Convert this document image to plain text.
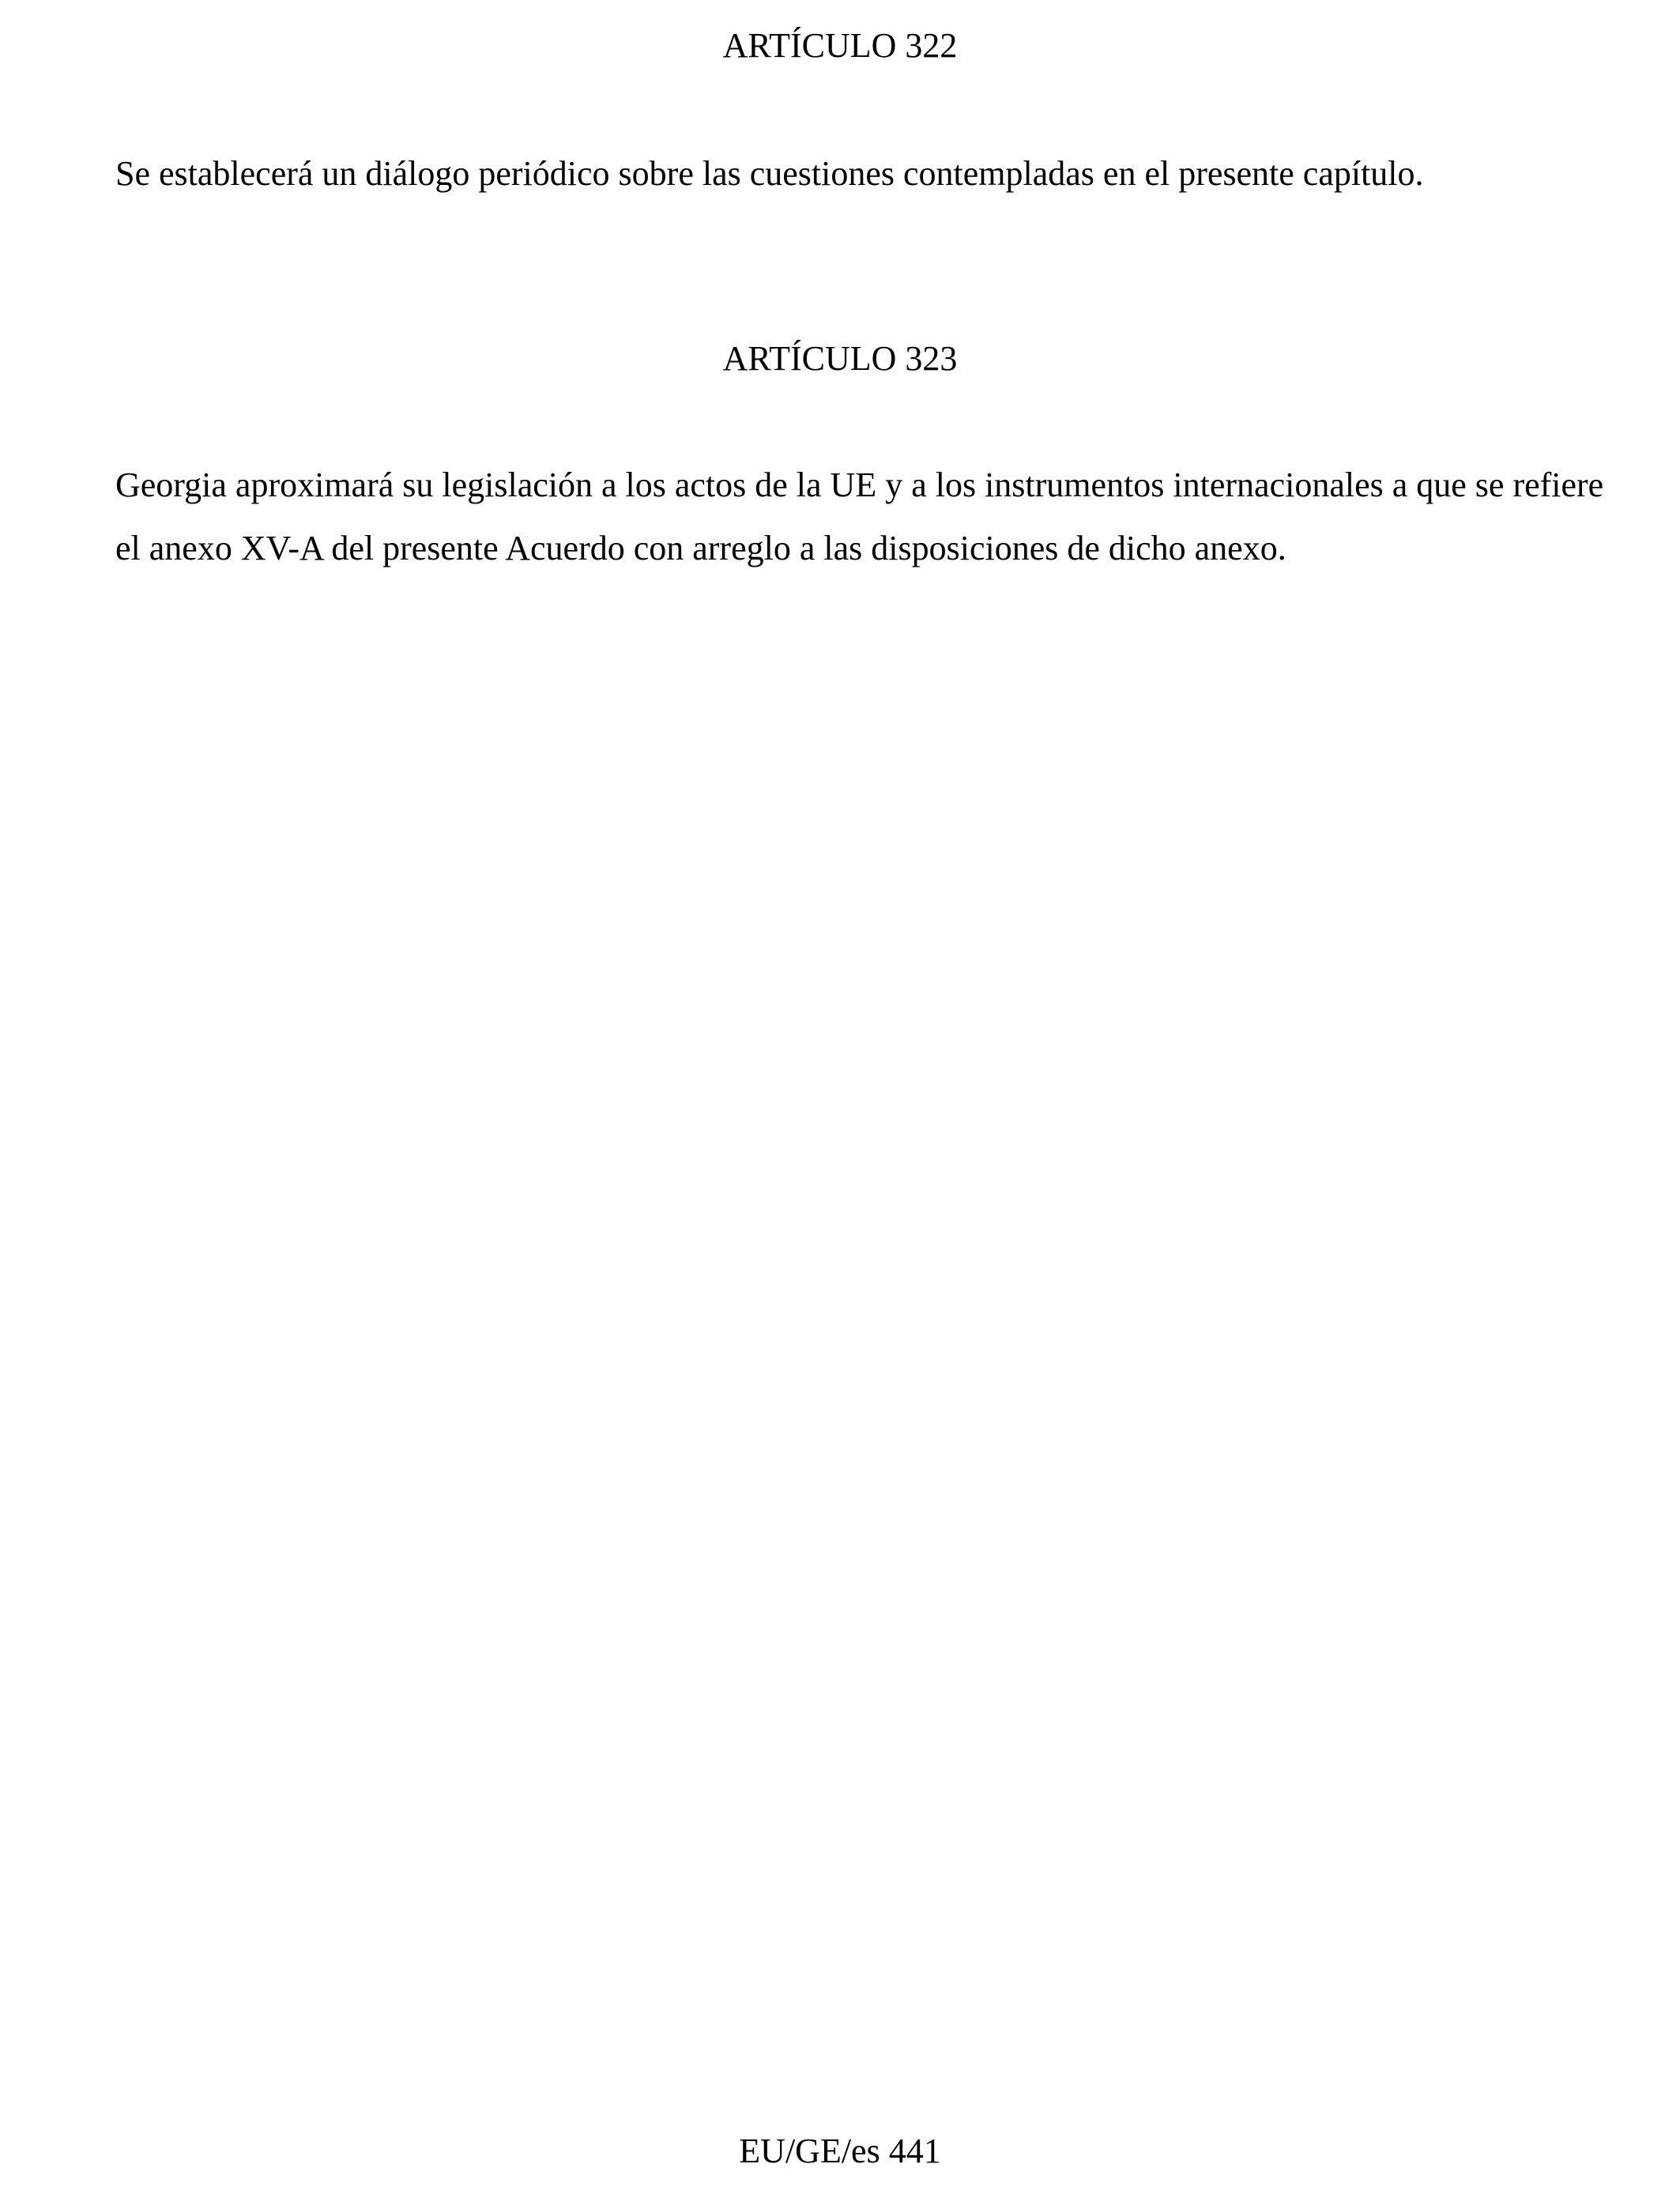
ARTÍCULO 322

Se establecerá un diálogo periódico sobre las cuestiones contempladas en el presente capítulo.

ARTÍCULO 323

Georgia aproximará su legislación a los actos de la UE y a los instrumentos internacionales a que se refiere el anexo XV-A del presente Acuerdo con arreglo a las disposiciones de dicho anexo.

EU/GE/es 441
